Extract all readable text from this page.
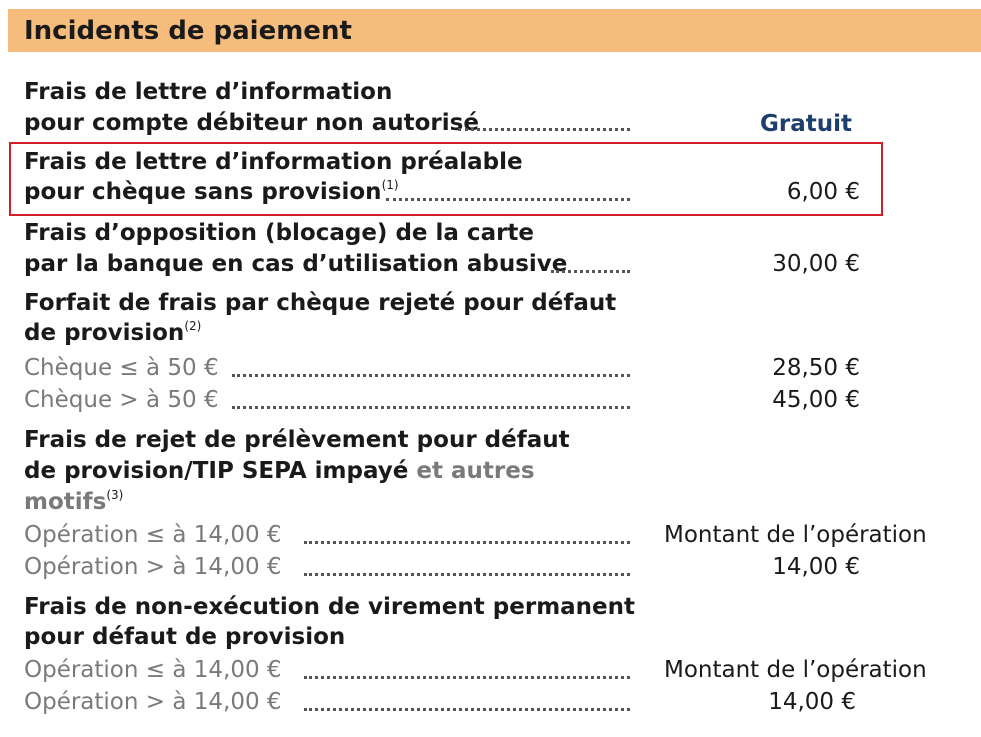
Incidents de paiement
Frais de lettre d’information
pour compte débiteur non autorisé	Gratuit
Frais de lettre d’information préalable
pour chèque sans provision$^{(1)}$	6,00 €
Frais d’opposition (blocage) de la carte
par la banque en cas d’utilisation abusive	30,00 €
Forfait de frais par chèque rejeté pour défaut
de provision$^{(2)}$
Chèque ≤ à 50 €	28,50 €
Chèque > à 50 €	45,00 €
Frais de rejet de prélèvement pour défaut
de provision/TIP SEPA impayé et autres
motifs$^{(3)}$
Opération ≤ à 14,00 €	Montant de l’opération
Opération > à 14,00 €	14,00 €
Frais de non-exécution de virement permanent
pour défaut de provision
Opération ≤ à 14,00 €	Montant de l’opération
Opération > à 14,00 €	14,00 €
